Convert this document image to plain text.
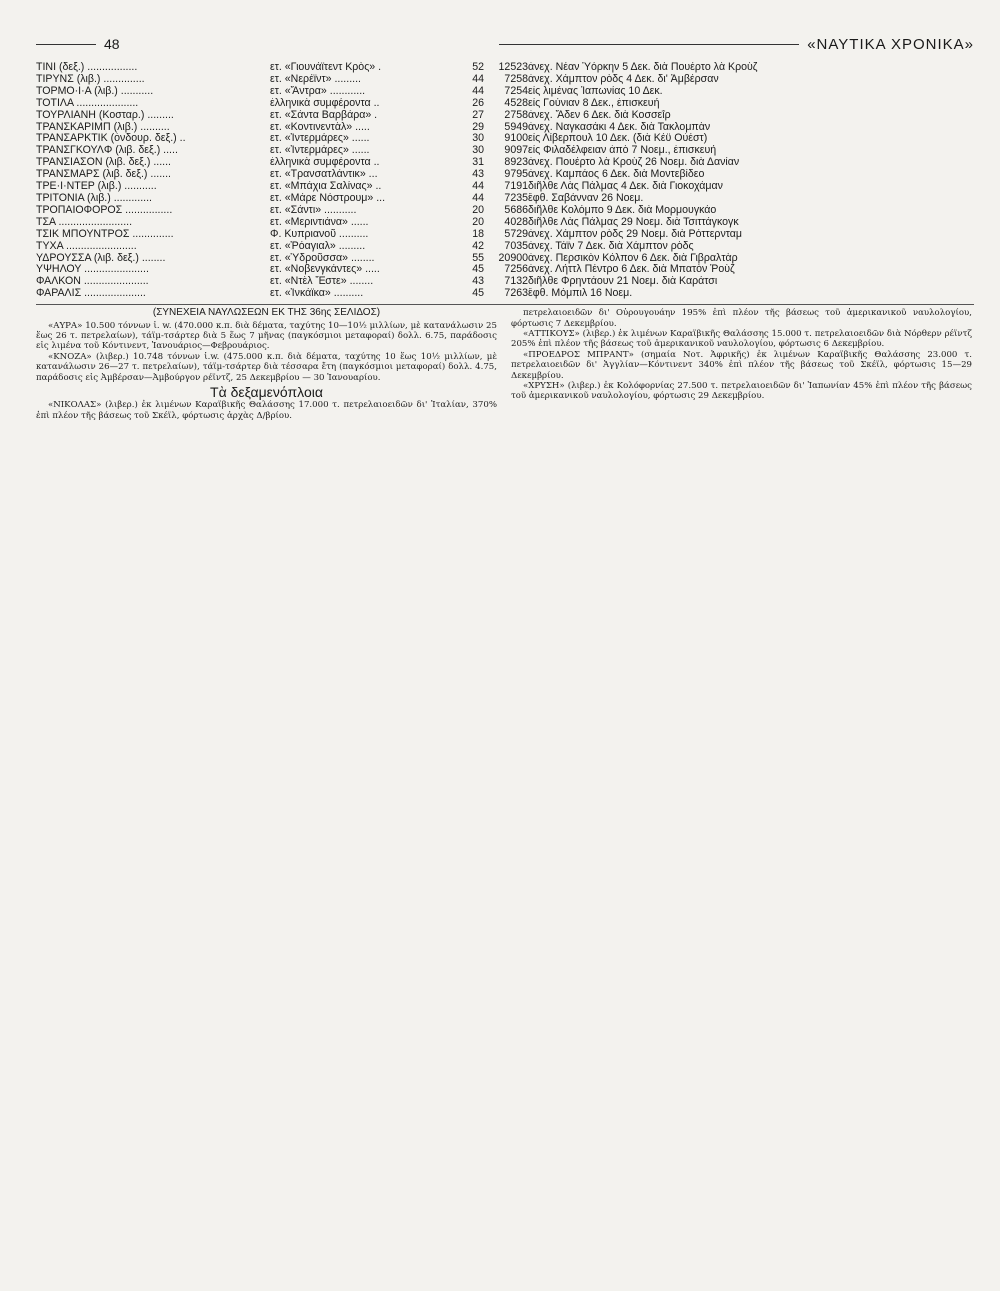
48	«ΝΑΥΤΙΚΑ ΧΡΟΝΙΚΑ»
ΤΙΝΙ (δεξ.) .................	ετ. «Γιουνάϊτεντ Κρὸς» .	52	12523	ἀνεχ. Νέαν Ὑόρκην 5 Δεκ. διὰ Πουέρτο λὰ Κροὺζ
ΤΙΡΥΝΣ (λιβ.) ..............	ετ. «Νερέϊντ» .........	44	7258	ἀνεχ. Χάμπτον ρὸδς 4 Δεκ. δι' Ἀμβέρσαν
ΤΟΡΜΟ·Ι·Α (λιβ.) ...........	ετ. «Ἄντρα» ............	44	7254	εἰς λιμένας Ἰαπωνίας 10 Δεκ.
ΤΟΤΙΛΑ .....................	ἑλληνικὰ συμφέροντα ..	26	4528	εἰς Γούνιαν 8 Δεκ., ἐπισκευή
ΤΟΥΡΛΙΑΝΗ (Κοσταρ.) .........	ετ. «Σάντα Βαρβάρα» .	27	2758	ἀνεχ. Ἄδεν 6 Δεκ. διὰ Κοσσεΐρ
ΤΡΑΝΣΚΑΡΙΜΠ (λιβ.) ..........	ετ. «Κοντινεντὰλ» .....	29	5949	ἀνεχ. Ναγκασάκι 4 Δεκ. διὰ Τακλομπὰν
ΤΡΑΝΣΑΡΚΤΙΚ (ὀνδουρ. δεξ.) ..	ετ. «Ἰντερμάρες» ......	30	9100	εἰς Λίβερπουλ 10 Δεκ. (διὰ Κέϋ Οὐέστ)
ΤΡΑΝΣΓΚΟΥΛΦ (λιβ. δεξ.) .....	ετ. «Ἰντερμάρες» ......	30	9097	εἰς Φιλαδέλφειαν ἀπὸ 7 Νοεμ., ἐπισκευή
ΤΡΑΝΣΙΑΣΟΝ (λιβ. δεξ.) ......	ἑλληνικὰ συμφέροντα ..	31	8923	ἀνεχ. Πουέρτο λὰ Κροὺζ 26 Νοεμ. διὰ Δανίαν
ΤΡΑΝΣΜΑΡΣ (λιβ. δεξ.) .......	ετ. «Τρανσατλάντικ» ...	43	9795	ἀνεχ. Καμπάος 6 Δεκ. διὰ Μοντεβίδεο
ΤΡΕ·Ι·ΝΤΕΡ (λιβ.) ...........	ετ. «Μπάχια Σαλίνας» ..	44	7191	διῆλθε Λὰς Πάλμας 4 Δεκ. διὰ Γιοκοχάμαν
ΤΡΙΤΟΝΙΑ (λιβ.) .............	ετ. «Μάρε Νόστρουμ» ...	44	7235	ἔφθ. Σαβάνναν 26 Νοεμ.
ΤΡΟΠΑΙΟΦΟΡΟΣ ................	ετ. «Σάντι» ...........	20	5686	διῆλθε Κολόμπο 9 Δεκ. διὰ Μορμουγκάο
ΤΣΑ .........................	ετ. «Μεριντιάνα» ......	20	4028	διῆλθε Λὰς Πάλμας 29 Νοεμ. διὰ Τσιττάγκογκ
ΤΣΙΚ ΜΠΟΥΝΤΡΟΣ ..............	Φ. Κυπριανοῦ ..........	18	5729	ἀνεχ. Χάμπτον ρὸδς 29 Νοεμ. διὰ Ρόττερνταμ
ΤΥΧΑ ........................	ετ. «Ῥόαγιαλ» .........	42	7035	ἀνεχ. Τάϊν 7 Δεκ. διὰ Χάμπτον ρὸδς
ΥΔΡΟΥΣΣΑ (λιβ. δεξ.) ........	ετ. «Ὑδροῦσσα» ........	55	20900	ἀνεχ. Περσικὸν Κόλπον 6 Δεκ. διὰ Γιβραλτὰρ
ΥΨΗΛΟΥ ......................	ετ. «Νοβενγκάντες» .....	45	7256	ἀνεχ. Λήττλ Πέντρο 6 Δεκ. διὰ Μπατὸν Ῥοὺζ
ΦΑΛΚΟΝ ......................	ετ. «Ντὲλ Ἔστε» ........	43	7132	διῆλθε Φρηντάουν 21 Νοεμ. διὰ Καράτσι
ΦΑΡΑΛΙΣ .....................	ετ. «Ἰνκάϊκα» ..........	45	7263	ἔφθ. Μόμπιλ 16 Νοεμ.

(ΣΥΝΕΧΕΙΑ ΝΑΥΛΩΣΕΩΝ ΕΚ ΤΗΣ 36ης ΣΕΛΙΔΟΣ)

«ΑΥΡΑ» 10.500 τόννων ἰ. w. (470.000 κ.π. διὰ δέματα, ταχύτης 10—10½ μιλλίων, μὲ κατανάλωσιν 25 ἕως 26 τ. πετρελαίων), τάϊμ-τσάρτερ διὰ 5 ἕως 7 μῆνας (παγκόσμιοι μεταφοραί) δολλ. 6.75, παράδοσις εἰς λιμένα τοῦ Κόντινεντ, Ἰανουάριος—Φεβρουάριος.

«ΚΝΟΖΑ» (λιβερ.) 10.748 τόννων ἰ.w. (475.000 κ.π. διὰ δέματα, ταχύτης 10 ἕως 10½ μιλλίων, μὲ κατανάλωσιν 26—27 τ. πετρελαίων), τάϊμ-τσάρτερ διὰ τέσσαρα ἔτη (παγκόσμιοι μεταφοραί) δολλ. 4.75, παράδοσις εἰς Ἀμβέρσαν—Ἀμβούργον ρέϊντζ, 25 Δεκεμβρίου — 30 Ἰανουαρίου.

Τὰ δεξαμενόπλοια

«ΝΙΚΟΛΑΣ» (λιβερ.) ἐκ λιμένων Καραϊβικῆς Θαλάσσης 17.000 τ. πετρελαιοειδῶν δι' Ἰταλίαν, 370% ἐπὶ πλέον τῆς βάσεως τοῦ Σκέϊλ, φόρτωσις ἀρχὰς Δ/βρίου.

πετρελαιοειδῶν δι' Οὐρουγουάην 195% ἐπὶ πλέον τῆς βάσεως τοῦ ἀμερικανικοῦ ναυλολογίου, φόρτωσις 7 Δεκεμβρίου.

«ΑΤΤΙΚΟΥΣ» (λιβερ.) ἐκ λιμένων Καραϊβικῆς Θαλάσσης 15.000 τ. πετρελαιοειδῶν διὰ Νόρθερν ρέϊντζ 205% ἐπὶ πλέον τῆς βάσεως τοῦ ἀμερικανικοῦ ναυλολογίου, φόρτωσις 6 Δεκεμβρίου.

«ΠΡΟΕΔΡΟΣ ΜΠΡΑΝΤ» (σημαία Νοτ. Ἀφρικῆς) ἐκ λιμένων Καραϊβικῆς Θαλάσσης 23.000 τ. πετρελαιοειδῶν δι' Ἀγγλίαν—Κόντινεντ 340% ἐπὶ πλέον τῆς βάσεως τοῦ Σκέϊλ, φόρτωσις 15—29 Δεκεμβρίου.

«ΧΡΥΣΗ» (λιβερ.) ἐκ Κολόφορνίας 27.500 τ. πετρελαιοειδῶν δι' Ἰαπωνίαν 45% ἐπὶ πλέον τῆς βάσεως τοῦ ἀμερικανικοῦ ναυλολογίου, φόρτωσις 29 Δεκεμβρίου.
